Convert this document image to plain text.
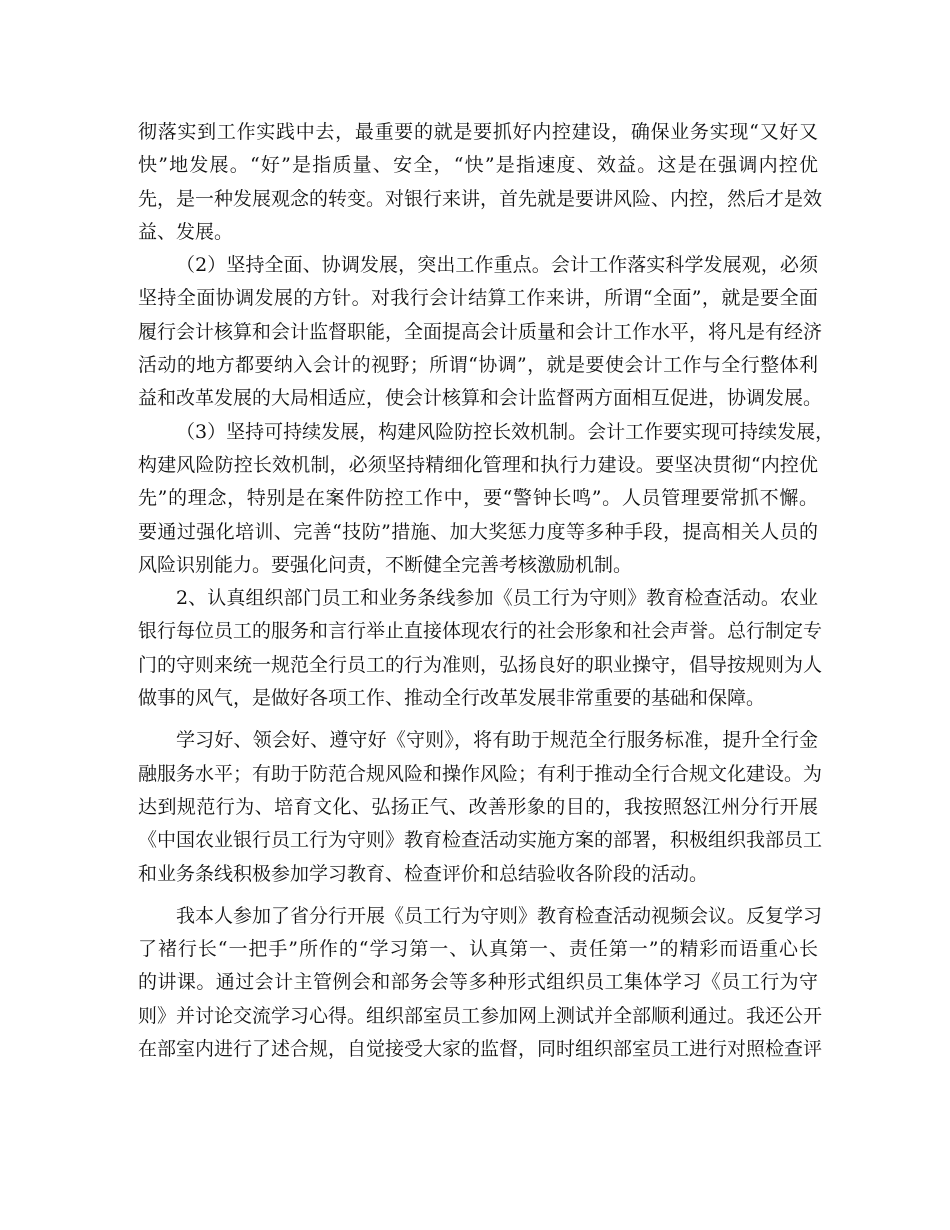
彻落实到工作实践中去，最重要的就是要抓好内控建设，确保业务实现“又好又
快”地发展。“好”是指质量、安全，“快”是指速度、效益。这是在强调内控优
先，是一种发展观念的转变。对银行来讲，首先就是要讲风险、内控，然后才是效
益、发展。
（2）坚持全面、协调发展，突出工作重点。会计工作落实科学发展观，必须
坚持全面协调发展的方针。对我行会计结算工作来讲，所谓“全面”，就是要全面
履行会计核算和会计监督职能，全面提高会计质量和会计工作水平，将凡是有经济
活动的地方都要纳入会计的视野；所谓“协调”，就是要使会计工作与全行整体利
益和改革发展的大局相适应，使会计核算和会计监督两方面相互促进，协调发展。
（3）坚持可持续发展，构建风险防控长效机制。会计工作要实现可持续发展，
构建风险防控长效机制，必须坚持精细化管理和执行力建设。要坚决贯彻“内控优
先”的理念，特别是在案件防控工作中，要“警钟长鸣”。人员管理要常抓不懈。
要通过强化培训、完善“技防”措施、加大奖惩力度等多种手段，提高相关人员的
风险识别能力。要强化问责，不断健全完善考核激励机制。
2、认真组织部门员工和业务条线参加《员工行为守则》教育检查活动。农业
银行每位员工的服务和言行举止直接体现农行的社会形象和社会声誉。总行制定专
门的守则来统一规范全行员工的行为准则，弘扬良好的职业操守，倡导按规则为人
做事的风气，是做好各项工作、推动全行改革发展非常重要的基础和保障。
学习好、领会好、遵守好《守则》，将有助于规范全行服务标准，提升全行金
融服务水平；有助于防范合规风险和操作风险；有利于推动全行合规文化建设。为
达到规范行为、培育文化、弘扬正气、改善形象的目的，我按照怒江州分行开展
《中国农业银行员工行为守则》教育检查活动实施方案的部署，积极组织我部员工
和业务条线积极参加学习教育、检查评价和总结验收各阶段的活动。
我本人参加了省分行开展《员工行为守则》教育检查活动视频会议。反复学习
了褚行长“一把手”所作的“学习第一、认真第一、责任第一”的精彩而语重心长
的讲课。通过会计主管例会和部务会等多种形式组织员工集体学习《员工行为守
则》并讨论交流学习心得。组织部室员工参加网上测试并全部顺利通过。我还公开
在部室内进行了述合规，自觉接受大家的监督，同时组织部室员工进行对照检查评
